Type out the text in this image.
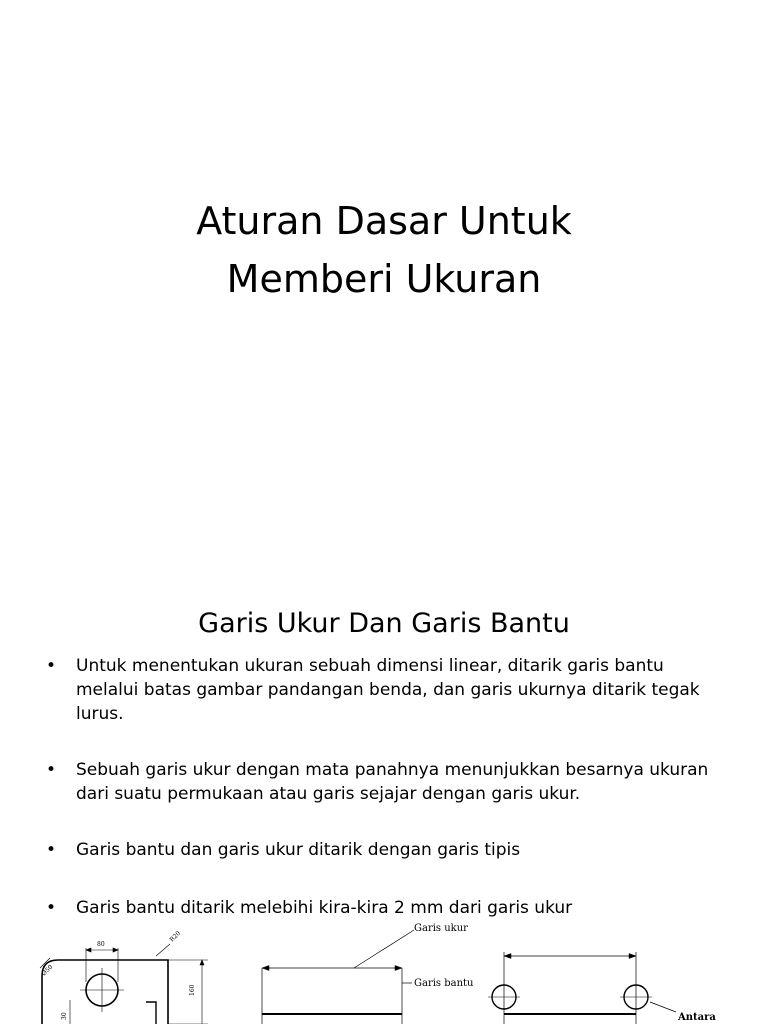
Aturan Dasar Untuk
Memberi Ukuran
Garis Ukur Dan Garis Bantu
• Untuk menentukan ukuran sebuah dimensi linear, ditarik garis bantu melalui batas gambar pandangan benda, dan garis ukurnya ditarik tegak lurus.
• Sebuah garis ukur dengan mata panahnya menunjukkan besarnya ukuran dari suatu permukaan atau garis sejajar dengan garis ukur.
• Garis bantu dan garis ukur ditarik dengan garis tipis
• Garis bantu ditarik melebihi kira-kira 2 mm dari garis ukur
80
160
R20
Ø50
30
Garis ukur
Garis bantu
Antara
